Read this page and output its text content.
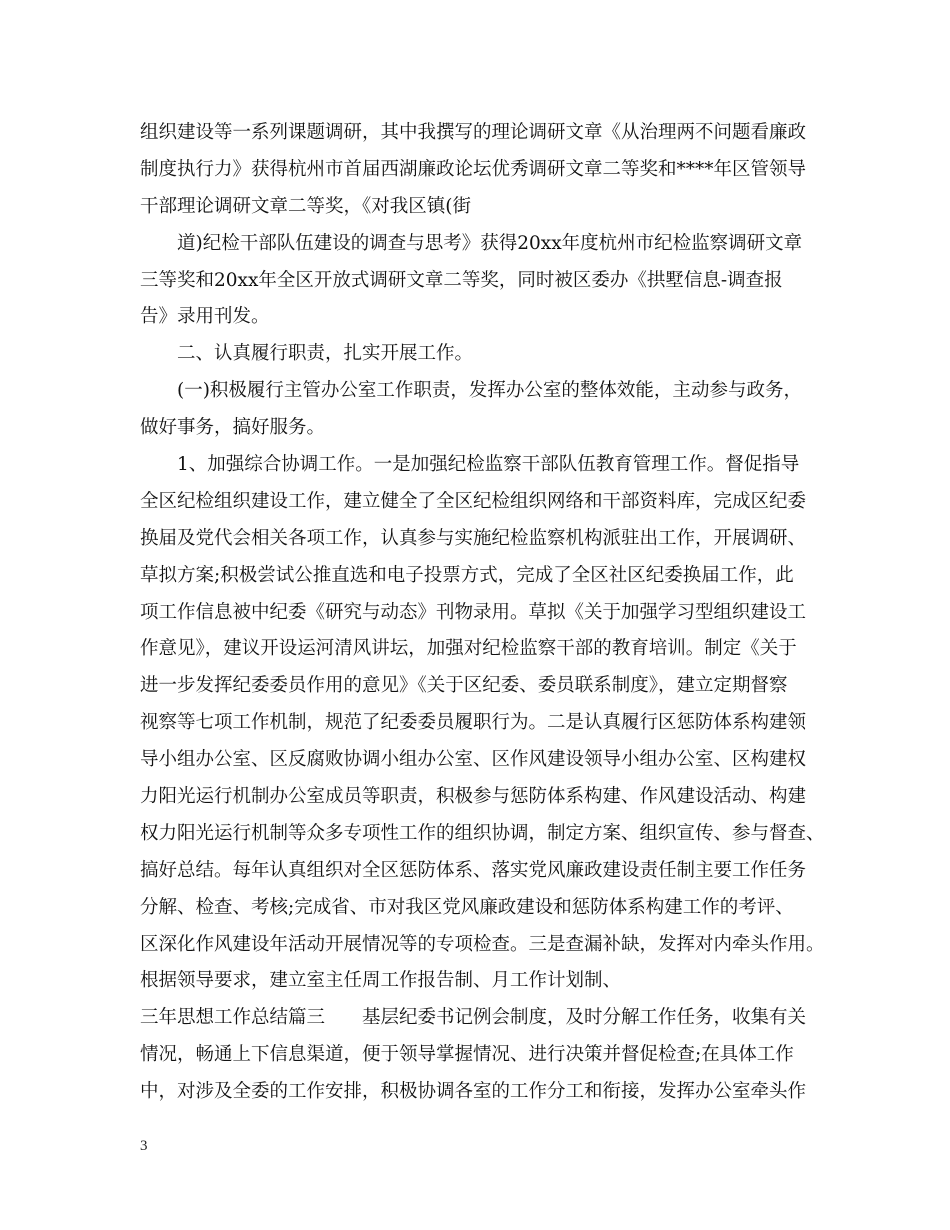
组织建设等一系列课题调研，其中我撰写的理论调研文章《从治理两不问题看廉政
制度执行力》获得杭州市首届西湖廉政论坛优秀调研文章二等奖和****年区管领导
干部理论调研文章二等奖，《对我区镇(街
道)纪检干部队伍建设的调查与思考》获得20xx年度杭州市纪检监察调研文章
三等奖和20xx年全区开放式调研文章二等奖，同时被区委办《拱墅信息-调查报
告》录用刊发。
二、认真履行职责，扎实开展工作。
(一)积极履行主管办公室工作职责，发挥办公室的整体效能，主动参与政务，
做好事务，搞好服务。
1、加强综合协调工作。一是加强纪检监察干部队伍教育管理工作。督促指导
全区纪检组织建设工作，建立健全了全区纪检组织网络和干部资料库，完成区纪委
换届及党代会相关各项工作，认真参与实施纪检监察机构派驻出工作，开展调研、
草拟方案;积极尝试公推直选和电子投票方式，完成了全区社区纪委换届工作，此
项工作信息被中纪委《研究与动态》刊物录用。草拟《关于加强学习型组织建设工
作意见》，建议开设运河清风讲坛，加强对纪检监察干部的教育培训。制定《关于
进一步发挥纪委委员作用的意见》《关于区纪委、委员联系制度》，建立定期督察
视察等七项工作机制，规范了纪委委员履职行为。二是认真履行区惩防体系构建领
导小组办公室、区反腐败协调小组办公室、区作风建设领导小组办公室、区构建权
力阳光运行机制办公室成员等职责，积极参与惩防体系构建、作风建设活动、构建
权力阳光运行机制等众多专项性工作的组织协调，制定方案、组织宣传、参与督查、
搞好总结。每年认真组织对全区惩防体系、落实党风廉政建设责任制主要工作任务
分解、检查、考核;完成省、市对我区党风廉政建设和惩防体系构建工作的考评、
区深化作风建设年活动开展情况等的专项检查。三是查漏补缺，发挥对内牵头作用。
根据领导要求，建立室主任周工作报告制、月工作计划制、
三年思想工作总结篇三　　基层纪委书记例会制度，及时分解工作任务，收集有关
情况，畅通上下信息渠道，便于领导掌握情况、进行决策并督促检查;在具体工作
中，对涉及全委的工作安排，积极协调各室的工作分工和衔接，发挥办公室牵头作
3
